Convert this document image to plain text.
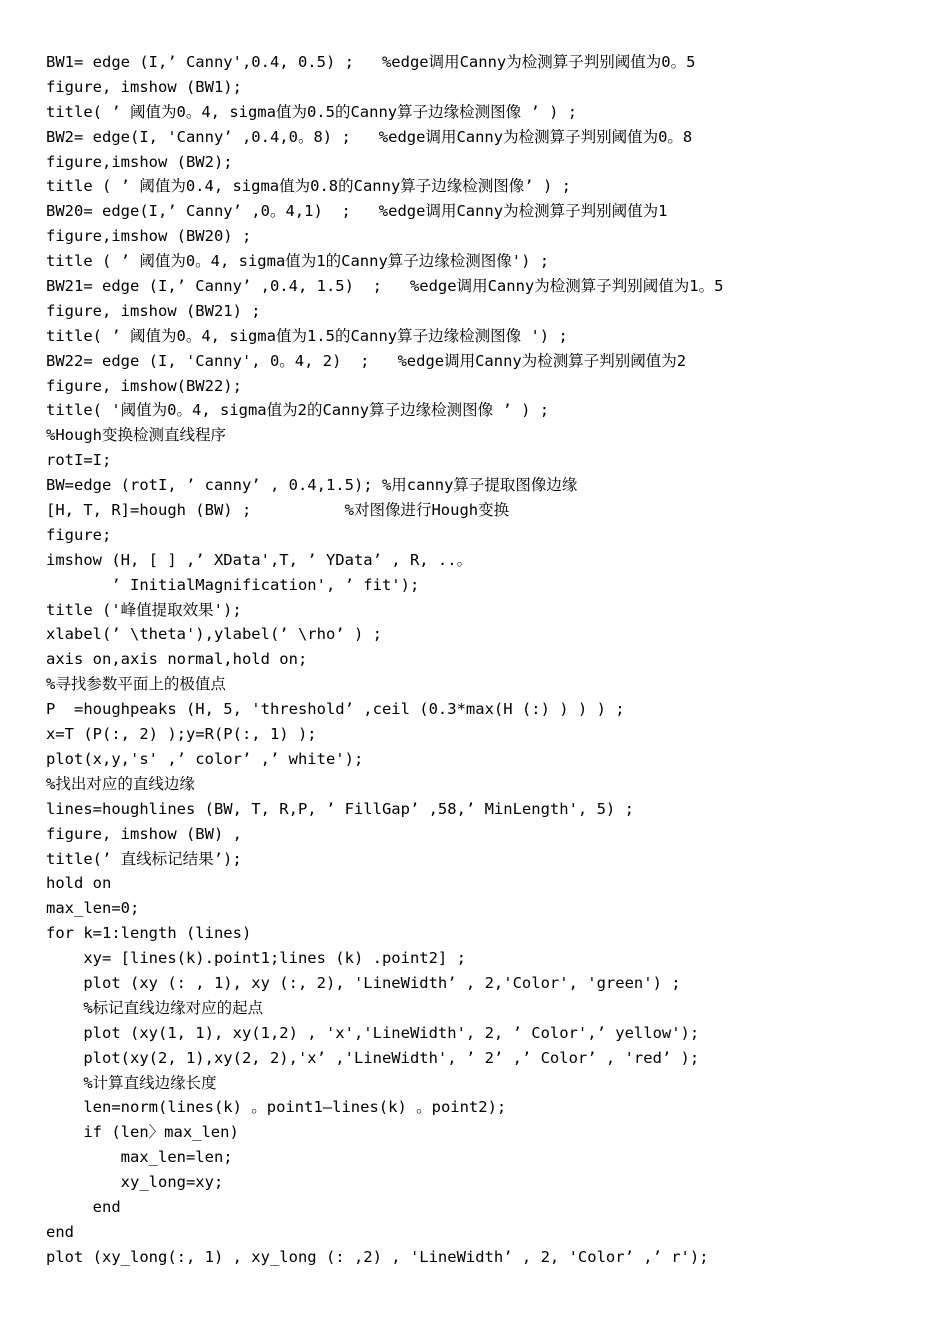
BW1= edge (I,’ Canny',0.4, 0.5) ;   %edge调用Canny为检测算子判别阈值为0。5
figure, imshow (BW1);
title( ’ 阈值为0。4, sigma值为0.5的Canny算子边缘检测图像 ’ ) ;
BW2= edge(I, 'Canny’ ,0.4,0。8) ;   %edge调用Canny为检测算子判别阈值为0。8
figure,imshow (BW2);
title ( ’ 阈值为0.4, sigma值为0.8的Canny算子边缘检测图像’ ) ;
BW20= edge(I,’ Canny’ ,0。4,1)  ;   %edge调用Canny为检测算子判别阈值为1
figure,imshow (BW20) ;
title ( ’ 阈值为0。4, sigma值为1的Canny算子边缘检测图像') ;
BW21= edge (I,’ Canny’ ,0.4, 1.5)  ;   %edge调用Canny为检测算子判别阈值为1。5
figure, imshow (BW21) ;
title( ’ 阈值为0。4, sigma值为1.5的Canny算子边缘检测图像 ') ;
BW22= edge (I, 'Canny', 0。4, 2)  ;   %edge调用Canny为检测算子判别阈值为2
figure, imshow(BW22);
title( '阈值为0。4, sigma值为2的Canny算子边缘检测图像 ’ ) ;
%Hough变换检测直线程序
rotI=I;
BW=edge (rotI, ’ canny’ , 0.4,1.5); %用canny算子提取图像边缘
[H, T, R]=hough (BW) ;          %对图像进行Hough变换
figure;
imshow (H, [ ] ,’ XData',T, ’ YData’ , R, ..。
’ InitialMagnification', ’ fit');
title ('峰值提取效果');
xlabel(’ \theta'),ylabel(’ \rho’ ) ;
axis on,axis normal,hold on;
%寻找参数平面上的极值点
P  =houghpeaks (H, 5, 'threshold’ ,ceil (0.3*max(H (:) ) ) ) ;
x=T (P(:, 2) );y=R(P(:, 1) );
plot(x,y,'s' ,’ color’ ,’ white');
%找出对应的直线边缘
lines=houghlines (BW, T, R,P, ’ FillGap’ ,58,’ MinLength', 5) ;
figure, imshow (BW) ,
title(’ 直线标记结果’);
hold on
max_len=0;
for k=1:length (lines)
xy= [lines(k).point1;lines (k) .point2] ;
plot (xy (: , 1), xy (:, 2), 'LineWidth’ , 2,'Color', 'green') ;
%标记直线边缘对应的起点
plot (xy(1, 1), xy(1,2) , 'x','LineWidth', 2, ’ Color',’ yellow');
plot(xy(2, 1),xy(2, 2),'x’ ,'LineWidth', ’ 2’ ,’ Color’ , 'red’ );
%计算直线边缘长度
len=norm(lines(k) 。point1—lines(k) 。point2);
if (len〉max_len)
max_len=len;
xy_long=xy;
end
end
plot (xy_long(:, 1) , xy_long (: ,2) , 'LineWidth’ , 2, 'Color’ ,’ r');
